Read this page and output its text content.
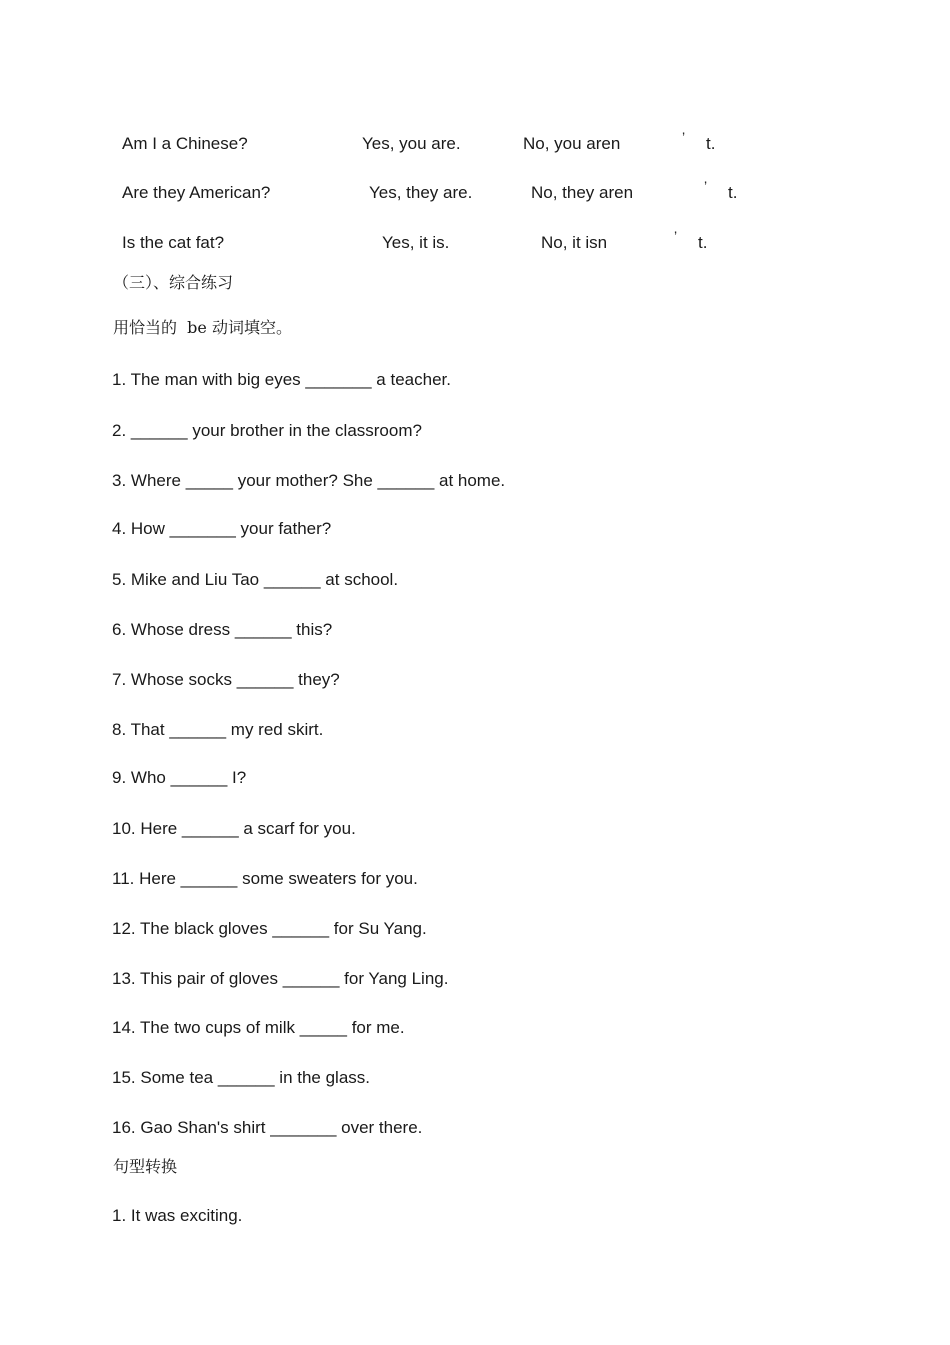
Am I a Chinese?	Yes, you are.	No, you aren	’ t.
Are they American?	Yes, they are.	No, they aren	’ t.
Is the cat fat?	Yes, it is.	No, it isn	’ t.
（三）、综合练习
用恰当的  be 动词填空。
1. The man with big eyes _______ a teacher.
2. ______ your brother in the classroom?
3. Where _____ your mother? She ______ at home.
4. How _______ your father?
5. Mike and Liu Tao ______ at school.
6. Whose dress ______ this?
7. Whose socks ______ they?
8. That ______ my red skirt.
9. Who ______ I?
10. Here ______ a scarf for you.
11. Here ______ some sweaters for you.
12. The black gloves ______ for Su Yang.
13. This pair of gloves ______ for Yang Ling.
14. The two cups of milk _____ for me.
15. Some tea ______ in the glass.
16. Gao Shan's shirt _______ over there.
句型转换
1. It was exciting.
